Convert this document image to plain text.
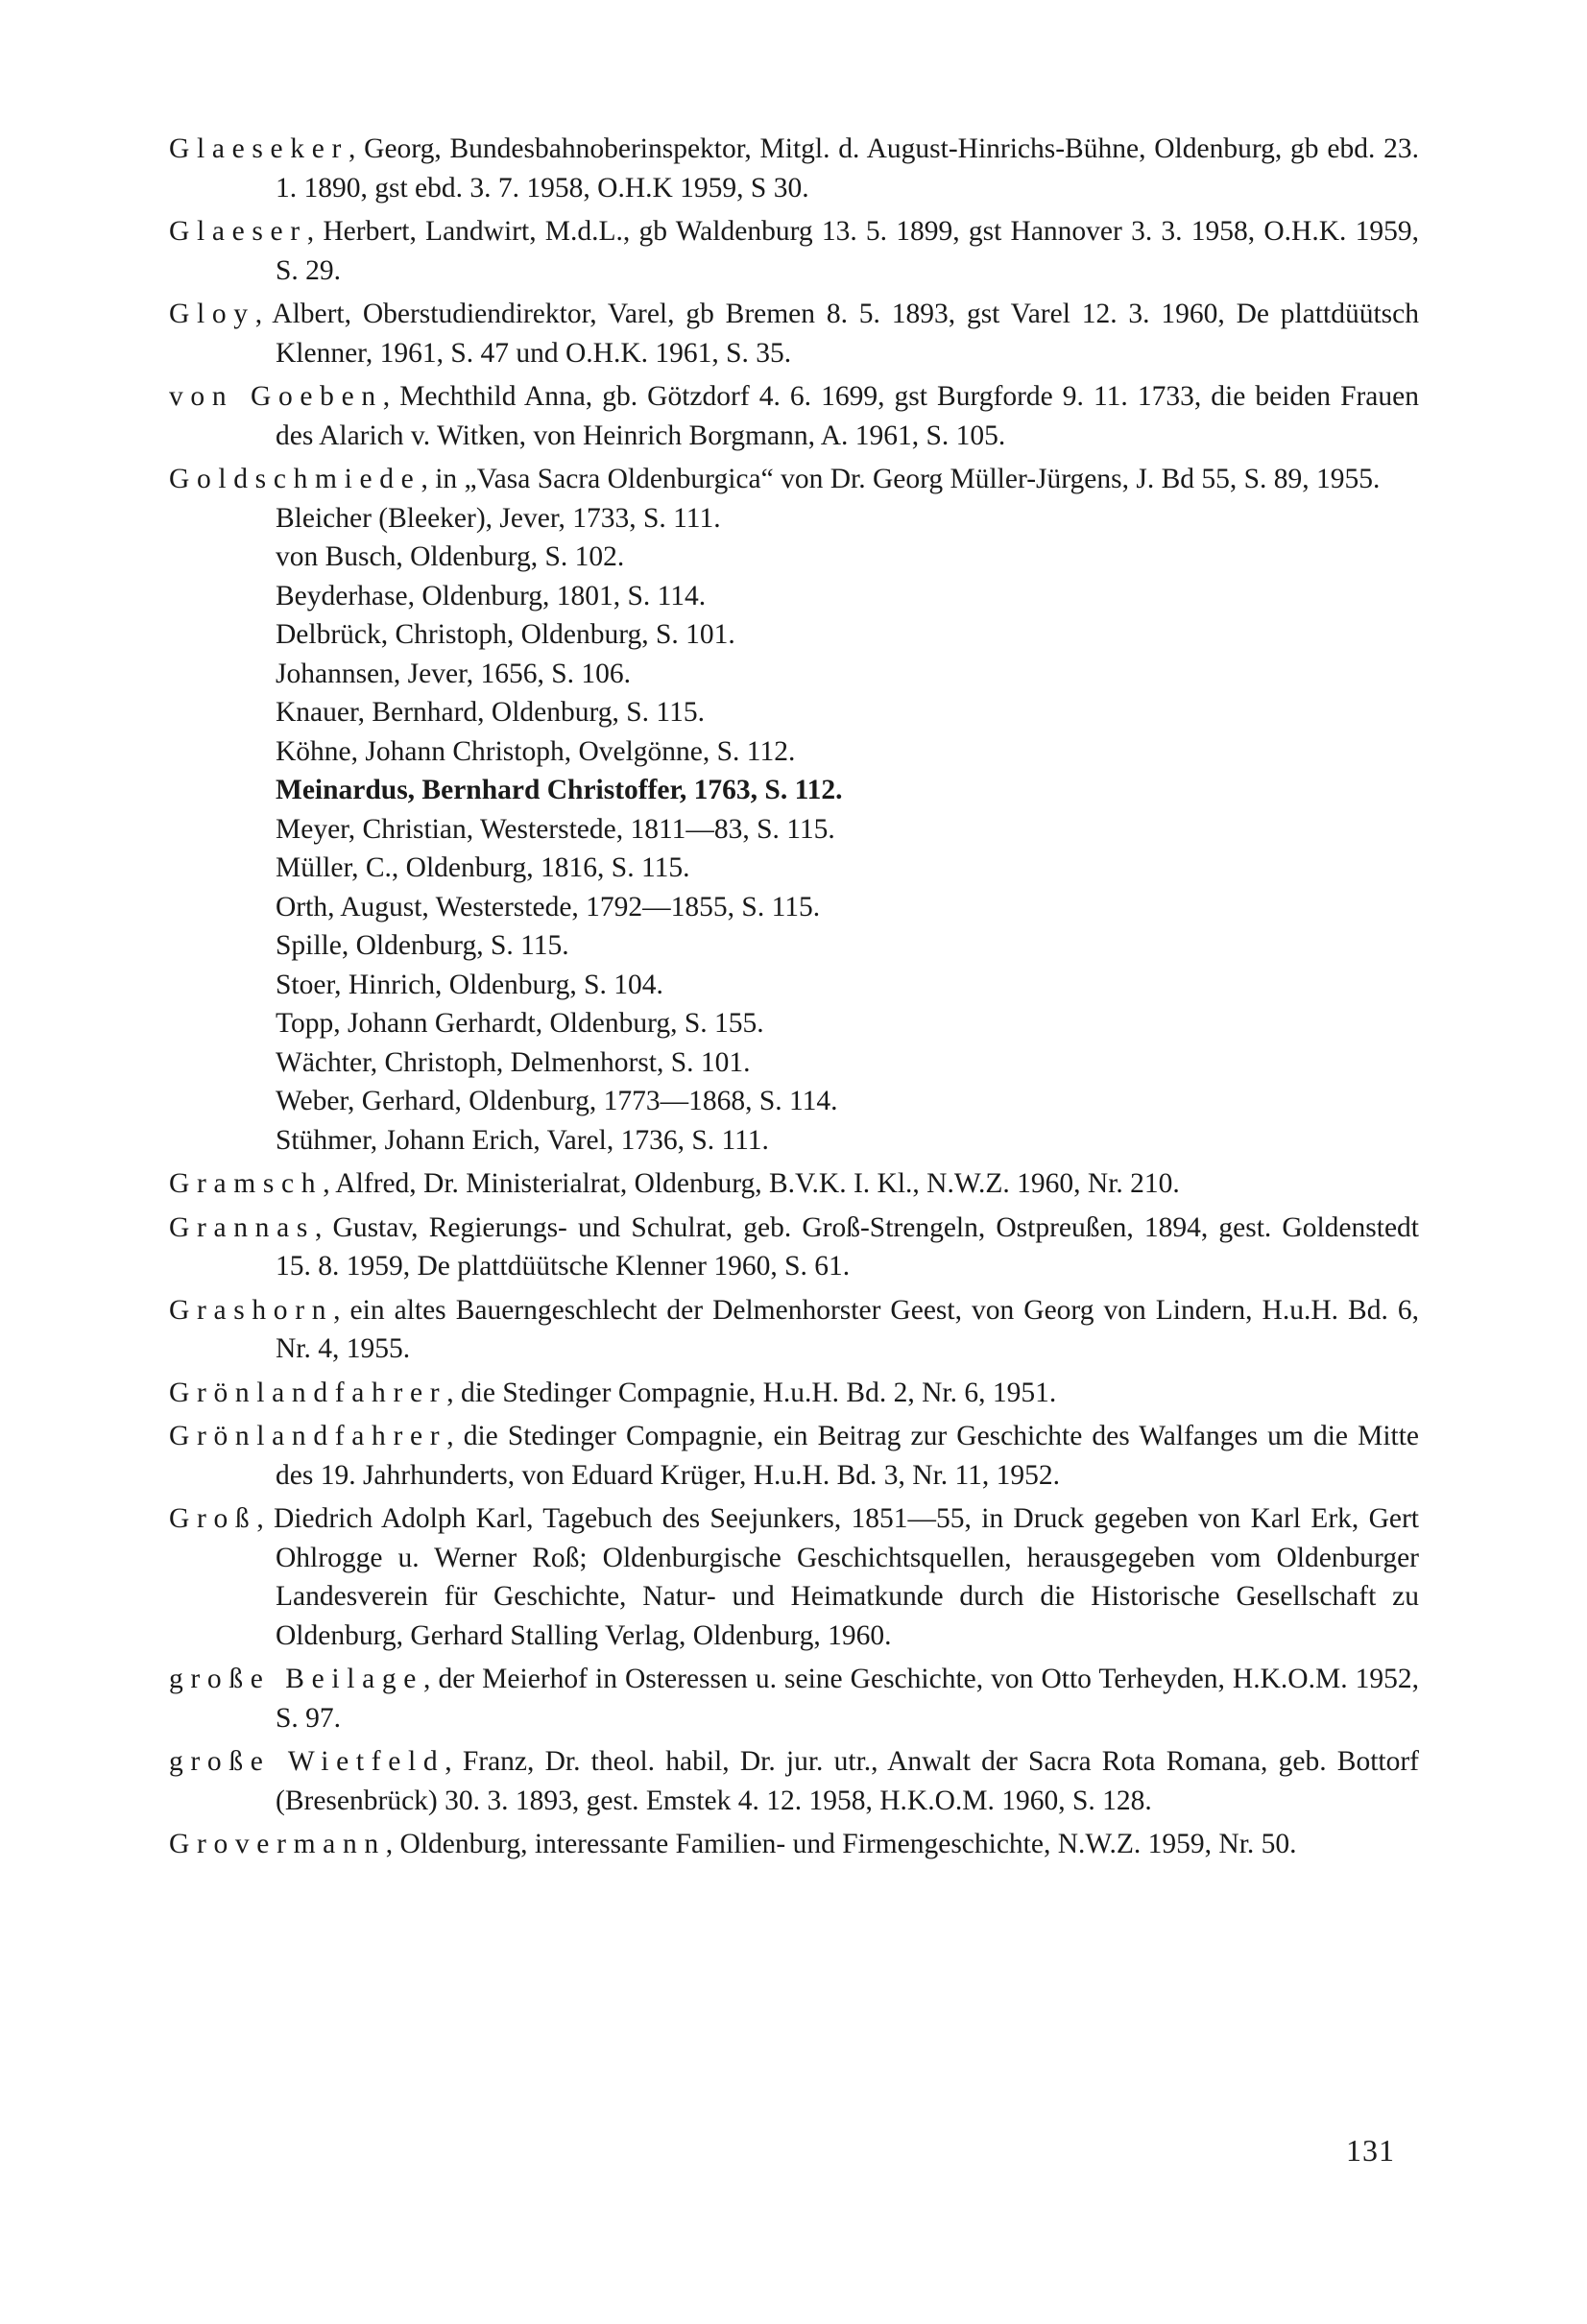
Glaeseker, Georg, Bundesbahnoberinspektor, Mitgl. d. August-Hinrichs-Bühne, Oldenburg, gb ebd. 23. 1. 1890, gst ebd. 3. 7. 1958, O.H.K 1959, S 30.
Glaeser, Herbert, Landwirt, M.d.L., gb Waldenburg 13. 5. 1899, gst Hannover 3. 3. 1958, O.H.K. 1959, S. 29.
Gloy, Albert, Oberstudiendirektor, Varel, gb Bremen 8. 5. 1893, gst Varel 12. 3. 1960, De plattdüütsch Klenner, 1961, S. 47 und O.H.K. 1961, S. 35.
von Goeben, Mechthild Anna, gb. Götzdorf 4. 6. 1699, gst Burgforde 9. 11. 1733, die beiden Frauen des Alarich v. Witken, von Heinrich Borgmann, A. 1961, S. 105.
Goldschmiede, in „Vasa Sacra Oldenburgica“ von Dr. Georg Müller-Jürgens, J. Bd 55, S. 89, 1955.
Bleicher (Bleeker), Jever, 1733, S. 111.
von Busch, Oldenburg, S. 102.
Beyderhase, Oldenburg, 1801, S. 114.
Delbrück, Christoph, Oldenburg, S. 101.
Johannsen, Jever, 1656, S. 106.
Knauer, Bernhard, Oldenburg, S. 115.
Köhne, Johann Christoph, Ovelgönne, S. 112.
Meinardus, Bernhard Christoffer, 1763, S. 112.
Meyer, Christian, Westerstede, 1811—83, S. 115.
Müller, C., Oldenburg, 1816, S. 115.
Orth, August, Westerstede, 1792—1855, S. 115.
Spille, Oldenburg, S. 115.
Stoer, Hinrich, Oldenburg, S. 104.
Topp, Johann Gerhardt, Oldenburg, S. 155.
Wächter, Christoph, Delmenhorst, S. 101.
Weber, Gerhard, Oldenburg, 1773—1868, S. 114.
Stühmer, Johann Erich, Varel, 1736, S. 111.
Gramsch, Alfred, Dr. Ministerialrat, Oldenburg, B.V.K. I. Kl., N.W.Z. 1960, Nr. 210.
Grannas, Gustav, Regierungs- und Schulrat, geb. Groß-Strengeln, Ostpreußen, 1894, gest. Goldenstedt 15. 8. 1959, De plattdüütsche Klenner 1960, S. 61.
Grashorn, ein altes Bauerngeschlecht der Delmenhorster Geest, von Georg von Lindern, H.u.H. Bd. 6, Nr. 4, 1955.
Grönlandfahrer, die Stedinger Compagnie, H.u.H. Bd. 2, Nr. 6, 1951.
Grönlandfahrer, die Stedinger Compagnie, ein Beitrag zur Geschichte des Walfanges um die Mitte des 19. Jahrhunderts, von Eduard Krüger, H.u.H. Bd. 3, Nr. 11, 1952.
Groß, Diedrich Adolph Karl, Tagebuch des Seejunkers, 1851—55, in Druck gegeben von Karl Erk, Gert Ohlrogge u. Werner Roß; Oldenburgische Geschichtsquellen, herausgegeben vom Oldenburger Landesverein für Geschichte, Natur- und Heimatkunde durch die Historische Gesellschaft zu Oldenburg, Gerhard Stalling Verlag, Oldenburg, 1960.
große Beilage, der Meierhof in Osteressen u. seine Geschichte, von Otto Terheyden, H.K.O.M. 1952, S. 97.
große Wietfeld, Franz, Dr. theol. habil, Dr. jur. utr., Anwalt der Sacra Rota Romana, geb. Bottorf (Bresenbrück) 30. 3. 1893, gest. Emstek 4. 12. 1958, H.K.O.M. 1960, S. 128.
Grovermann, Oldenburg, interessante Familien- und Firmengeschichte, N.W.Z. 1959, Nr. 50.
131
